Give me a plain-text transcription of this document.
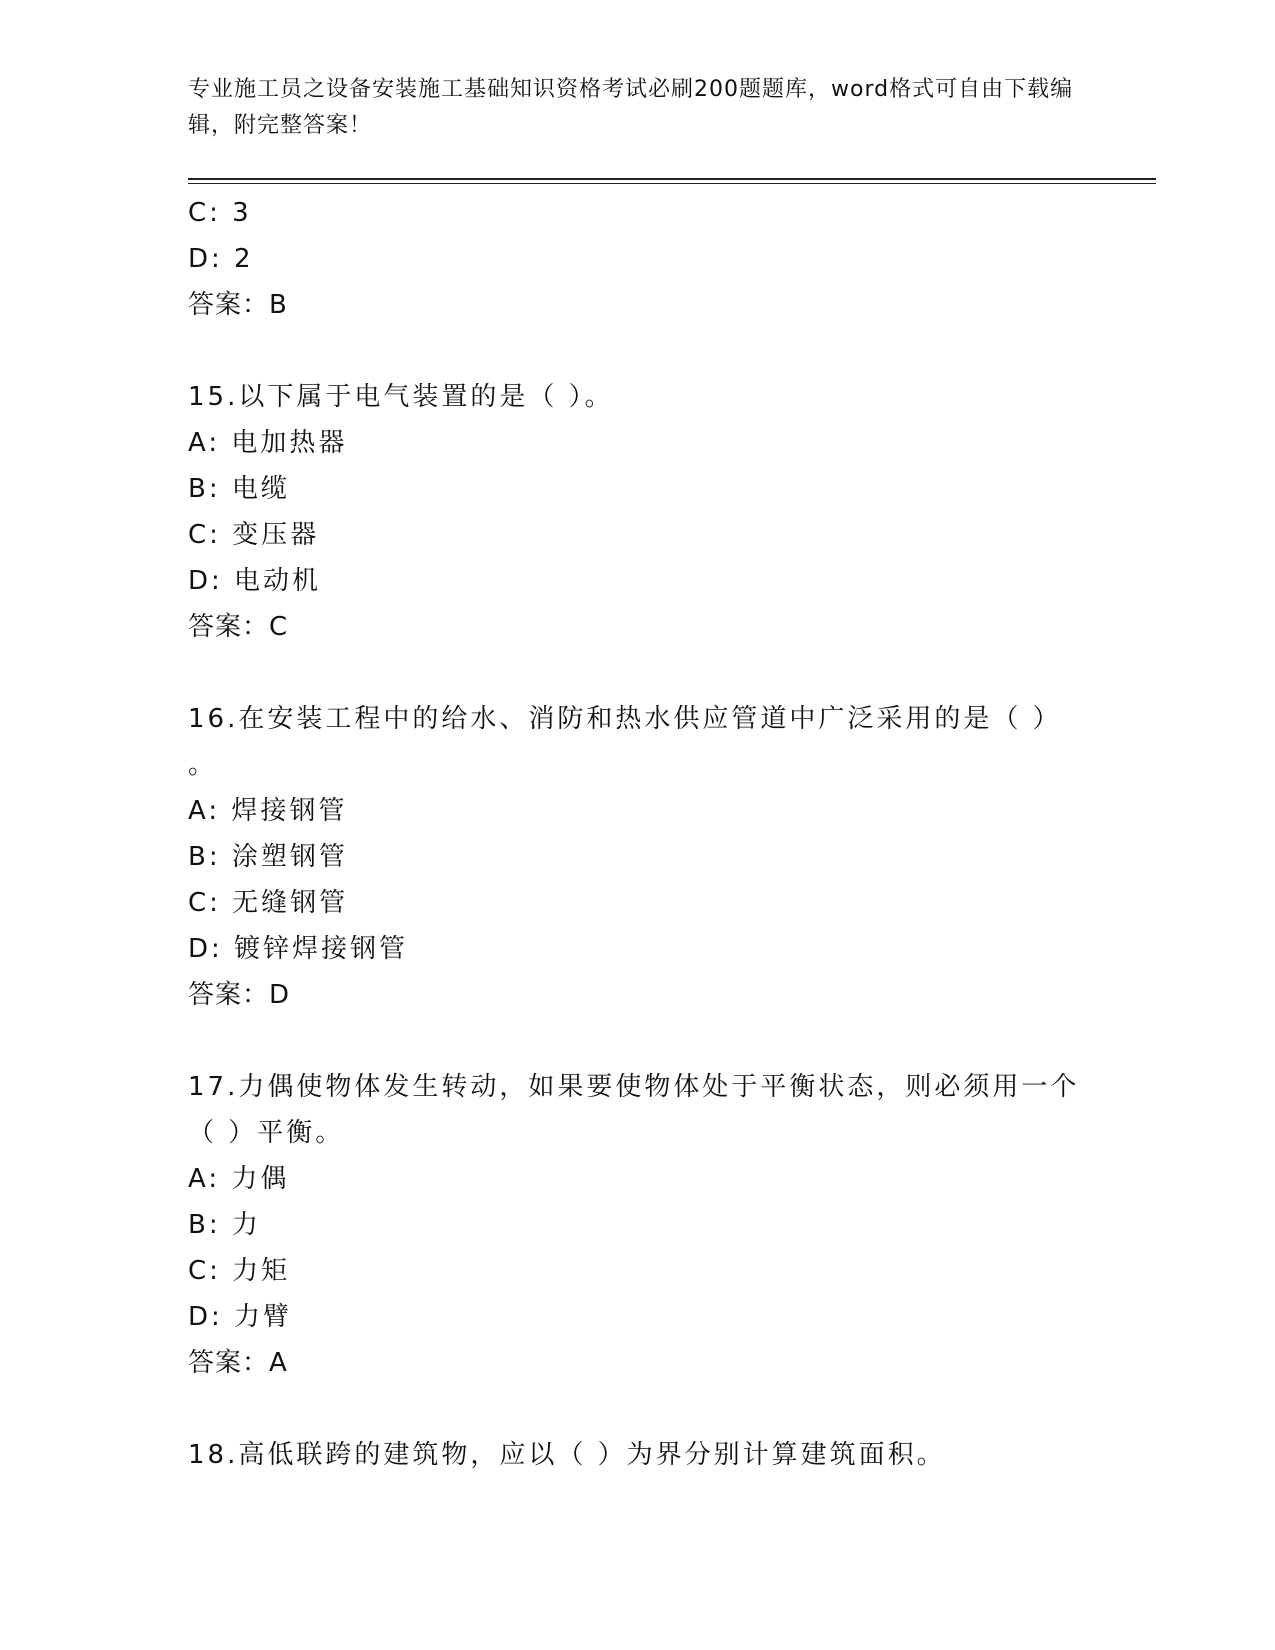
专业施工员之设备安装施工基础知识资格考试必刷200题题库，word格式可自由下载编辑，附完整答案！
C: 3
D: 2
答案：B
15.以下属于电气装置的是（ ）。
A: 电加热器
B: 电缆
C: 变压器
D: 电动机
答案：C
16.在安装工程中的给水、消防和热水供应管道中广泛采用的是（ ）
。
A: 焊接钢管
B: 涂塑钢管
C: 无缝钢管
D: 镀锌焊接钢管
答案：D
17.力偶使物体发生转动，如果要使物体处于平衡状态，则必须用一个
（ ）平衡。
A: 力偶
B: 力
C: 力矩
D: 力臂
答案：A
18.高低联跨的建筑物，应以（ ）为界分别计算建筑面积。
